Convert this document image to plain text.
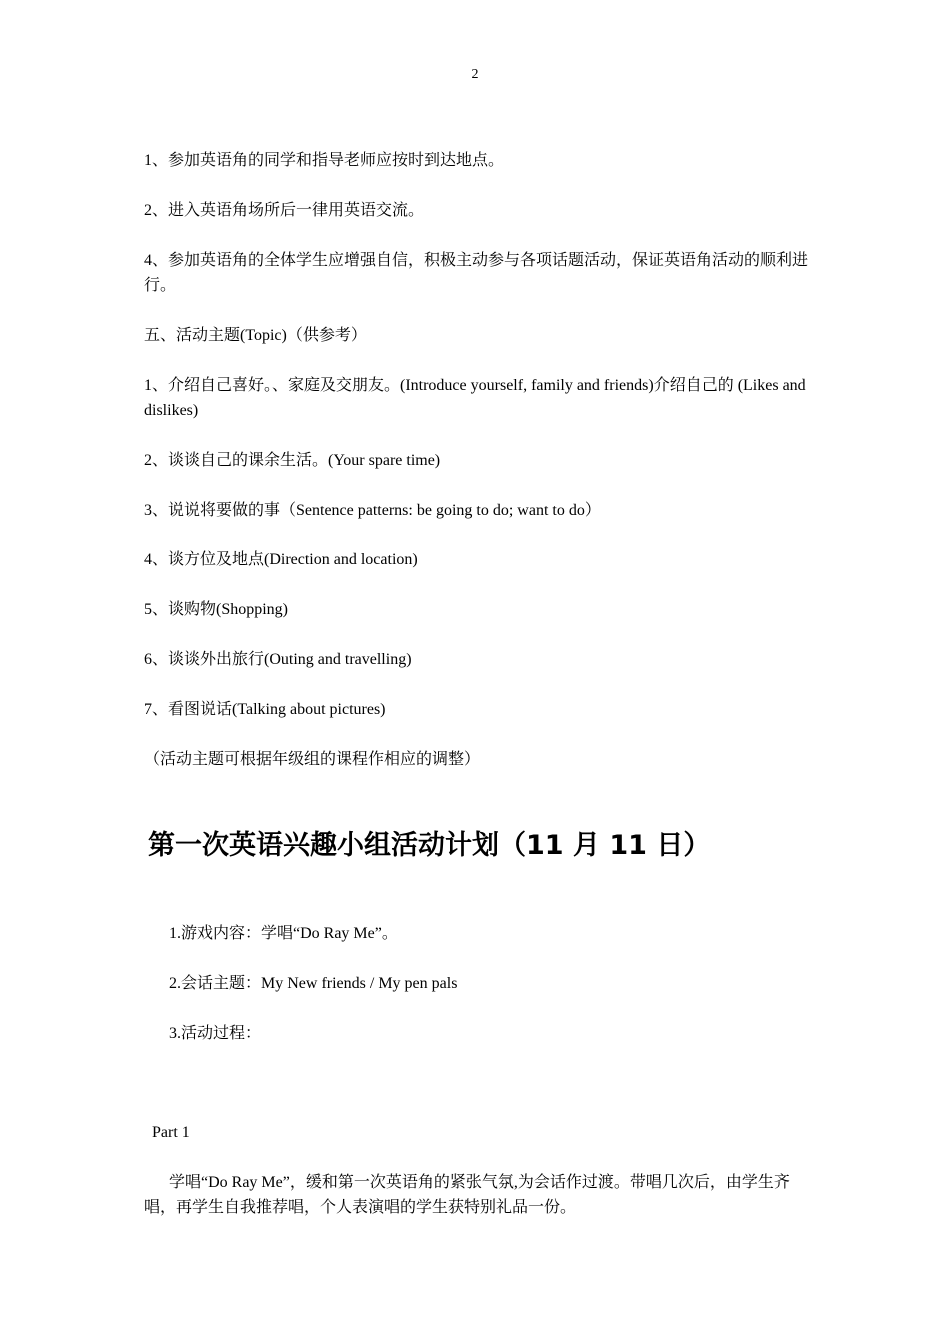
2

1、参加英语角的同学和指导老师应按时到达地点。

2、进入英语角场所后一律用英语交流。

4、参加英语角的全体学生应增强自信，积极主动参与各项话题活动，保证英语角活动的顺利进行。

五、活动主题(Topic)（供参考）

1、介绍自己喜好。、家庭及交朋友。(Introduce yourself, family and friends)介绍自己的 (Likes and dislikes)

2、谈谈自己的课余生活。(Your spare time)

3、说说将要做的事（Sentence patterns: be going to do; want to do）

4、谈方位及地点(Direction and location)

5、谈购物(Shopping)

6、谈谈外出旅行(Outing and travelling)

7、看图说话(Talking about pictures)

（活动主题可根据年级组的课程作相应的调整）

第一次英语兴趣小组活动计划（11 月 11 日）

1.游戏内容：学唱“Do Ray Me”。

2.会话主题：My New friends / My pen pals

3.活动过程：

Part 1

学唱“Do Ray Me”，缓和第一次英语角的紧张气氛,为会话作过渡。带唱几次后，由学生齐唱，再学生自我推荐唱，个人表演唱的学生获特别礼品一份。
